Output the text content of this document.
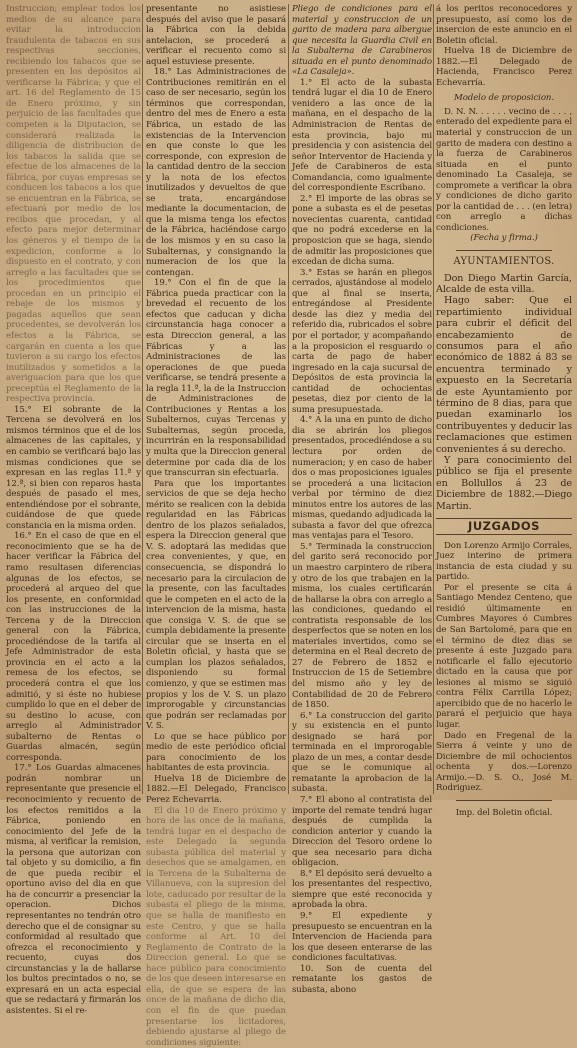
Instruccion; emplear todos los medios de su alcance para evitar la introduccion fraudulenta de tabacos en sus respectivas secciones, recibiendo los tabacos que se presenten en los depósitos al verificarse la Fábrica; y que el art. 16 del Reglamento de 15 de Enero próximo, y sin perjuicio de las facultades que competen a la Diputacion, se considerará realizada la diligencia de distribucion de los tabacos la salida que se efectue de los almacenes de la fábrica, por cuyas empresas se conducen los tabacos a los que se encuentran en la Fábrica, se efectuará por medio de los recibos que procedan, y al efecto para mejor determinar los géneros y el tiempo de la expedicion, conforme a lo dispuesto en el contrato, y con arreglo a las facultades que se los procedimientos que procedan en un principio el rebaje de los mismos y pagadas aquellos que sean procedentes, se devolverán los efectos a la Fábrica, se cargarán en cuenta a los que tuvieron a su cargo los efectos inutilizados y sometidos a la averiguacion para que los que preceptúa el Reglamento de la respectiva provincia.

15.° El sobrante de la Tercena se devolverá en los mismos términos que el de los almacenes de las capitales, y en cambio se verificará bajo las mismas condiciones que se expresan en las reglas 11.ª y 12.ª, si bien con reparos hasta después de pasado el mes, entendiéndose por el sobrante, cuidándose de que quede constancia en la misma orden.

16.° En el caso de que en el reconocimiento que se ha de hacer verificar la Fábrica del ramo resultasen diferencias algunas de los efectos, se procederá al arqueo del que los presente, en conformidad con las instrucciones de la Tercena y de la Direccion general con la Fábrica, procediéndose de la tarifa al Jefe Administrador de esta provincia en el acto a la remesa de los efectos, se procederá contra el que los admitió, y si éste no hubiese cumplido lo que en el deber de su destino lo acuse, con arreglo al Administrador subalterno de Rentas o Guardas almacén, según corresponda.

17.° Los Guardas almacenes podrán nombrar un representante que presencie el reconocimiento y recuento de los efectos remitidos a la Fábrica, poniendo en conocimiento del Jefe de la misma, al verificar la remision, la persona que autorizan con tal objeto y su domicilio, a fin de que pueda recibir el oportuno aviso del dia en que ha de concurrir a presenciar la operacion. Dichos representantes no tendrán otro derecho que el de consignar su conformidad al resultado que ofrezca el reconocimiento y recuento, cuyas dos circunstancias y la de hallarse los bultos precintados o no, se expresará en un acta especial que se redactará y firmarán los asistentes. Si el re-

presentante no asistiese después del aviso que le pasará la Fábrica con la debida antelacion, se procederá a verificar el recuento como si aquel estuviese presente.

18.° Las Administraciones de Contribuciones remitirán en el caso de ser necesario, según los términos que correspondan, dentro del mes de Enero a esta Fábrica, un estado de las existencias de la Intervencion en que conste lo que les corresponde, con expresion de la cantidad dentro de la seccion y la nota de los efectos inutilizados y devueltos de que se trata, encargándose mediante la documentacion, de que la misma tenga los efectos de la Fábrica, haciéndose cargo de los mismos y en su caso la Subalternas, y consignando la numeracion de los que la contengan.

19.° Con el fin de que la Fábrica pueda practicar con la brevedad el recuento de los efectos que caducan y dicha circunstancia haga conocer a esta Direccion general, a las Fábricas y a las Administraciones de las operaciones de que pueda verificarse, se tendrá presente a la regla 11.ª, la de la Instruccion de Administraciones de Contribuciones y Rentas a los Subalternos, cuyas Tercenas y Subalternas, según proceda, incurrirán en la responsabilidad y multa que la Direccion general determine por cada dia de los que transcurran sin efectuarla.

Para que los importantes servicios de que se deja hecho mérito se realicen con la debida regularidad en las Fábricas dentro de los plazos señalados, espera la Direccion general que V. S. adoptará las medidas que crea convenientes, y que, en consecuencia, se dispondrá lo necesario para la circulacion de la presente, con las facultades que le competen en el acto de la intervencion de la misma, hasta que consiga V. S. de que se cumpla debidamente la presente circular que se inserta en el Boletin oficial, y hasta que se cumplan los plazos señalados, disponiendo su formal comienzo, y que se estimen mas propios y los de V. S. un plazo improrogable y circunstancias que podrán ser reclamadas por V. S.

Lo que se hace público por medio de este periódico oficial para conocimiento de los habitantes de esta provincia.

Huelva 18 de Diciembre de 1882.—El Delegado, Francisco Perez Echevarria.

El dia 10 de Enero próximo y hora de las once de la mañana, tendrá lugar en el despacho de este Delegado la segunda subasta pública del material y desechos que se amalgamen, en la Tercena de la Subalterna de Villanueva, con la supresion del lote, caducado por resultar de la subasta el pliego de la misma, que se halla de manifiesto en este Centro, y que se halla conforme al Art. 10 del Reglamento de Contrato de la Direccion general. Lo que se hace público para conocimiento de los que deseen interesarse en ella, de que se espera de las once de la mañana de dicho dia, con el fin de que puedan presentarse los licitadores, debiendo ajustarse al pliego de condiciones siguiente:

Pliego de condiciones para el material y construccion de un garito de madera para albergue que necesita la Guardia Civil en la Subalterna de Carabineros situada en el punto denominado «La Casaleja».

1.° El acto de la subasta tendrá lugar el dia 10 de Enero venidero a las once de la mañana, en el despacho de la Administracion de Rentas de esta provincia, bajo mi presidencia y con asistencia del señor Interventor de Hacienda y Jefe de Carabineros de esta Comandancia, como igualmente del correspondiente Escribano.

2.° El importe de las obras se pone a subasta es el de pesetas novecientas cuarenta, cantidad que no podrá excederse en la proposicion que se haga, siendo de admitir las proposiciones que excedan de dicha suma.

3.° Estas se harán en pliegos cerrados, ajustándose al modelo que al final se inserta, entregándose al Presidente desde las diez y media del referido dia, rubricados el sobre por el portador, y acompañando a la proposicion el resguardo o carta de pago de haber ingresado en la caja sucursal de Depósitos de esta provincia la cantidad de ochocientas pesetas, diez por ciento de la suma presupuestada.

4.° A la una en punto de dicho dia se abrirán los pliegos presentados, procediéndose a su lectura por orden de numeracion; y en caso de haber dos o mas proposiciones iguales se procederá a una licitacion verbal por término de diez minutos entre los autores de las mismas, quedando adjudicada la subasta a favor del que ofrezca mas ventajas para el Tesoro.

5.° Terminada la construccion del garito será reconocido por un maestro carpintero de ribera y otro de los que trabajen en la misma, los cuales certificarán de hallarse la obra con arreglo a las condiciones, quedando el contratista responsable de los desperfectos que se noten en los materiales invertidos, como se determina en el Real decreto de 27 de Febrero de 1852 e Instruccion de 15 de Setiembre del mismo año y ley de Contabilidad de 20 de Febrero de 1850.

6.° La construccion del garito y su existencia en el punto designado se hará por terminada en el improrogable plazo de un mes, a contar desde que se le comunique al rematante la aprobacion de la subasta.

7.° El abono al contratista del importe del remate tendrá lugar después de cumplida la condicion anterior y cuando la Direccion del Tesoro ordene lo que sea necesario para dicha obligacion.

8.° El depósito será devuelto a los presentantes del respectivo, siempre que esté reconocida y aprobada la obra.

9.° El expediente y presupuesto se encuentran en la Intervencion de Hacienda para los que deseen enterarse de las condiciones facultativas.

10. Son de cuenta del rematante los gastos de subasta, abono

á los peritos reconocedores y presupuesto, así como los de insercion de este anuncio en el Boletin oficial.

Huelva 18 de Diciembre de 1882.—El Delegado de Hacienda, Francisco Perez Echevarría.

Modelo de proposicion.

D. N. N. . . . . . vecino de . . . , enterado del expediente para el material y construccion de un garito de madera con destino a la fuerza de Carabineros situada en el punto denominado La Casaleja, se compromete a verificar la obra y condiciones de dicho garito por la cantidad de . . . (en letra) con arreglo a dichas condiciones.

(Fecha y firma.)

AYUNTAMIENTOS.

Don Diego Martin García, Alcalde de esta villa.

Hago saber: Que el repartimiento individual para cubrir el déficit del encabezamiento de consumos para el año económico de 1882 á 83 se encuentra terminado y expuesto en la Secretaría de este Ayuntamiento por término de 8 dias, para que puedan examinarlo los contribuyentes y deducir las reclamaciones que estimen convenientes á su derecho.

Y para conocimiento del público se fija el presente en Bollullos á 23 de Diciembre de 1882.—Diego Martin.

JUZGADOS

Don Lorenzo Armijo Corrales, Juez interino de primera instancia de esta ciudad y su partido.

Por el presente se cita á Santiago Mendez Centeno, que residió últimamente en Cumbres Mayores ó Cumbres de San Bartolomé, para que en el término de diez dias se presente á este Juzgado para notificarle el fallo ejecutorio dictado en la causa que por lesiones al mismo se siguió contra Félix Carrilla López; apercibido que de no hacerlo le parará el perjuicio que haya lugar.

Dado en Fregenal de la Sierra á veinte y uno de Diciembre de mil ochocientos ochenta y dos.—Lorenzo Armijo.—D. S. O., José M. Rodriguez.

Imp. del Boletin oficial.
